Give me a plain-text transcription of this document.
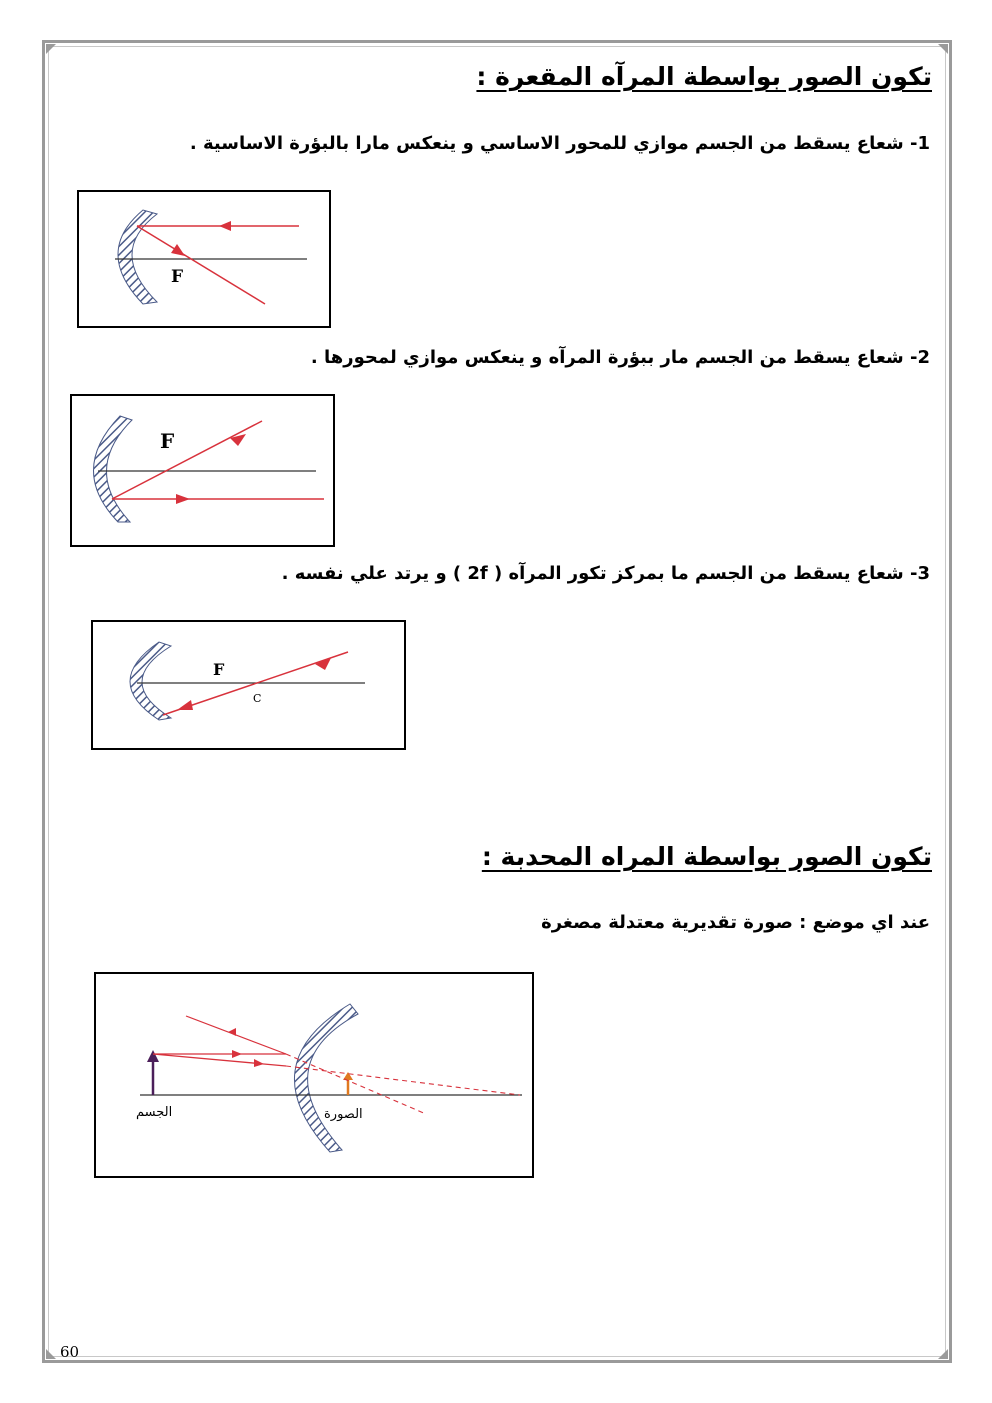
تكون الصور بواسطة المرآه المقعرة :
1- شعاع يسقط من الجسم موازي للمحور الاساسي و ينعكس مارا بالبؤرة الاساسية .
F
2- شعاع يسقط من الجسم مار ببؤرة المرآه و ينعكس موازي لمحورها .
F
3- شعاع يسقط من الجسم ما بمركز تكور المرآه ( 2f ) و يرتد علي نفسه .
F
C
تكون الصور بواسطة المراه المحدبة :
عند اي موضع : صورة تقديرية معتدلة مصغرة
الجسم	الصورة
60
